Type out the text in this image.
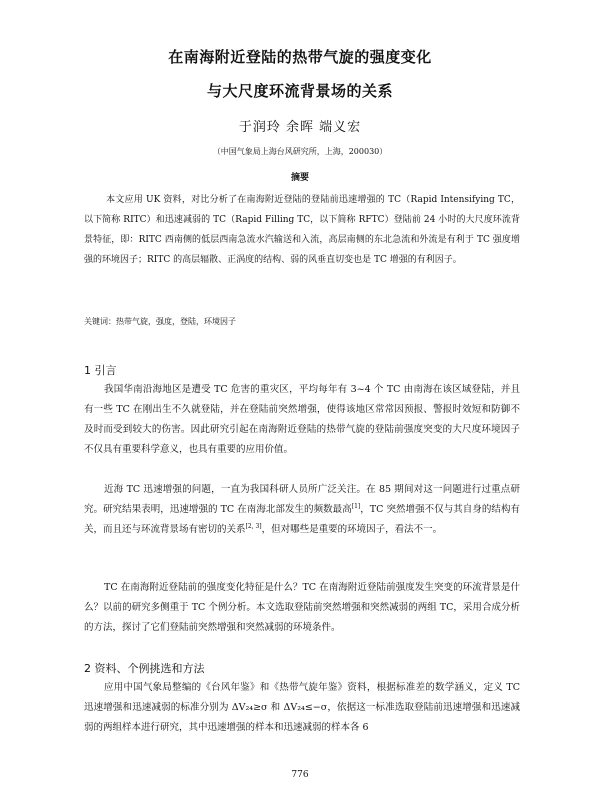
在南海附近登陆的热带气旋的强度变化
与大尺度环流背景场的关系
于润玲 余晖 端义宏
（中国气象局上海台风研究所，上海，200030）
摘要

本文应用 UK 资料，对比分析了在南海附近登陆的登陆前迅速增强的 TC（Rapid Intensifying TC，以下简称 RITC）和迅速减弱的 TC（Rapid Filling TC，以下简称 RFTC）登陆前 24 小时的大尺度环流背景特征，即：RITC 西南侧的低层西南急流水汽输送和入流，高层南侧的东北急流和外流是有利于 TC 强度增强的环境因子；RITC 的高层辐散、正涡度的结构、弱的风垂直切变也是 TC 增强的有利因子。

关键词：热带气旋，强度，登陆，环境因子
1 引言

我国华南沿海地区是遭受 TC 危害的重灾区，平均每年有 3~4 个 TC 由南海在该区域登陆，并且有一些 TC 在刚出生不久就登陆，并在登陆前突然增强，使得该地区常常因预报、警报时效短和防御不及时而受到较大的伤害。因此研究引起在南海附近登陆的热带气旋的登陆前强度突变的大尺度环境因子不仅具有重要科学意义，也具有重要的应用价值。

近海 TC 迅速增强的问题，一直为我国科研人员所广泛关注。在 85 期间对这一问题进行过重点研究。研究结果表明，迅速增强的 TC 在南海北部发生的频数最高[1]，TC 突然增强不仅与其自身的结构有关，而且还与环流背景场有密切的关系[2, 3]，但对哪些是重要的环境因子，看法不一。

TC 在南海附近登陆前的强度变化特征是什么？TC 在南海附近登陆前强度发生突变的环流背景是什么？以前的研究多侧重于 TC 个例分析。本文选取登陆前突然增强和突然减弱的两组 TC，采用合成分析的方法，探讨了它们登陆前突然增强和突然减弱的环境条件。

2 资料、个例挑选和方法

应用中国气象局整编的《台风年鉴》和《热带气旋年鉴》资料，根据标准差的数学涵义，定义 TC 迅速增强和迅速减弱的标准分别为 ΔV₂₄≥σ 和 ΔV₂₄≤−σ，依据这一标准选取登陆前迅速增强和迅速减弱的两组样本进行研究，其中迅速增强的样本和迅速减弱的样本各 6

776
